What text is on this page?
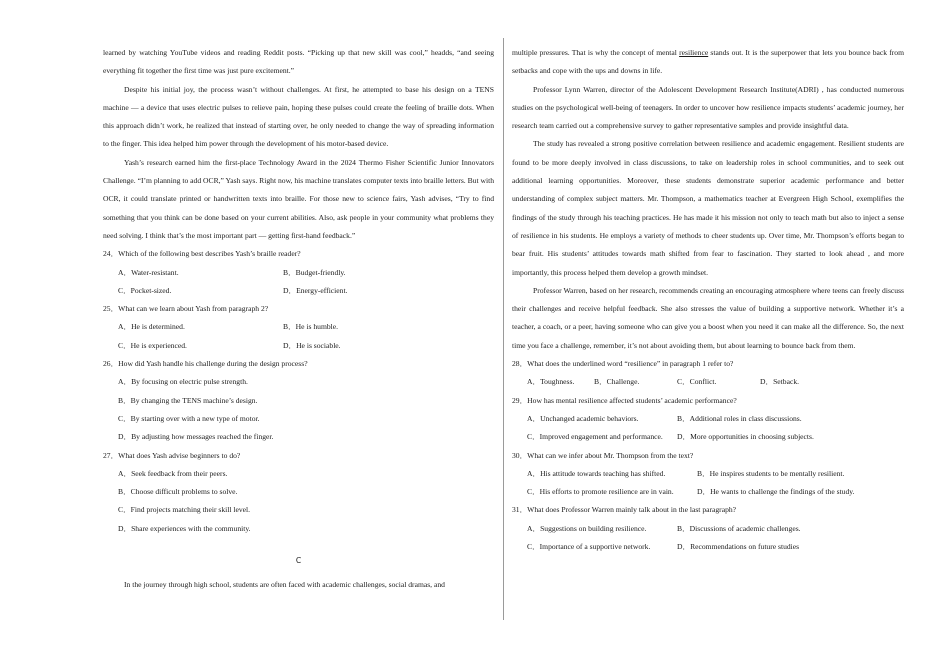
learned by watching YouTube videos and reading Reddit posts. “Picking up that new skill was cool,” headds, “and seeing everything fit together the first time was just pure excitement.”

Despite his initial joy, the process wasn’t without challenges. At first, he attempted to base his design on a TENS machine — a device that uses electric pulses to relieve pain, hoping these pulses could create the feeling of braille dots. When this approach didn’t work, he realized that instead of starting over, he only needed to change the way of spreading information to the finger. This idea helped him power through the development of his motor-based device.

Yash’s research earned him the first-place Technology Award in the 2024 Thermo Fisher Scientific Junior Innovators Challenge. “I’m planning to add OCR,” Yash says. Right now, his machine translates computer texts into braille letters. But with OCR, it could translate printed or handwritten texts into braille. For those new to science fairs, Yash advises, “Try to find something that you think can be done based on your current abilities. Also, ask people in your community what problems they need solving. I think that’s the most important part — getting first-hand feedback.”

24．Which of the following best describes Yash’s braille reader?

A．Water-resistant.	B．Budget-friendly.
C．Pocket-sized.	D．Energy-efficient.

25．What can we learn about Yash from paragraph 2?

A．He is determined.	B．He is humble.
C．He is experienced.	D．He is sociable.

26．How did Yash handle his challenge during the design process?

A．By focusing on electric pulse strength.
B．By changing the TENS machine’s design.
C．By starting over with a new type of motor.
D．By adjusting how messages reached the finger.

27．What does Yash advise beginners to do?

A．Seek feedback from their peers.
B．Choose difficult problems to solve.
C．Find projects matching their skill level.
D．Share experiences with the community.
C

In the journey through high school, students are often faced with academic challenges, social dramas, and

multiple pressures. That is why the concept of mental resilience stands out. It is the superpower that lets you bounce back from setbacks and cope with the ups and downs in life.

Professor Lynn Warren, director of the Adolescent Development Research Institute(ADRI) , has conducted numerous studies on the psychological well-being of teenagers. In order to uncover how resilience impacts students’ academic journey, her research team carried out a comprehensive survey to gather representative samples and provide insightful data.

The study has revealed a strong positive correlation between resilience and academic engagement. Resilient students are found to be more deeply involved in class discussions, to take on leadership roles in school communities, and to seek out additional learning opportunities. Moreover, these students demonstrate superior academic performance and better understanding of complex subject matters. Mr. Thompson, a mathematics teacher at Evergreen High School, exemplifies the findings of the study through his teaching practices. He has made it his mission not only to teach math but also to inject a sense of resilience in his students. He employs a variety of methods to cheer students up. Over time, Mr. Thompson’s efforts began to bear fruit. His students’ attitudes towards math shifted from fear to fascination. They started to look ahead , and more importantly, this process helped them develop a growth mindset.

Professor Warren, based on her research, recommends creating an encouraging atmosphere where teens can freely discuss their challenges and receive helpful feedback. She also stresses the value of building a supportive network. Whether it’s a teacher, a coach, or a peer, having someone who can give you a boost when you need it can make all the difference. So, the next time you face a challenge, remember, it’s not about avoiding them, but about learning to bounce back from them.

28．What does the underlined word “resilience” in paragraph 1 refer to?

A．Toughness.	B．Challenge.	C．Conflict.	D．Setback.

29．How has mental resilience affected students’ academic performance?

A．Unchanged academic behaviors.	B．Additional roles in class discussions.
C．Improved engagement and performance.	D．More opportunities in choosing subjects.

30．What can we infer about Mr. Thompson from the text?

A．His attitude towards teaching has shifted.	B．He inspires students to be mentally resilient.
C．His efforts to promote resilience are in vain.	D．He wants to challenge the findings of the study.

31．What does Professor Warren mainly talk about in the last paragraph?

A．Suggestions on building resilience.	B．Discussions of academic challenges.
C．Importance of a supportive network.	D．Recommendations on future studies
